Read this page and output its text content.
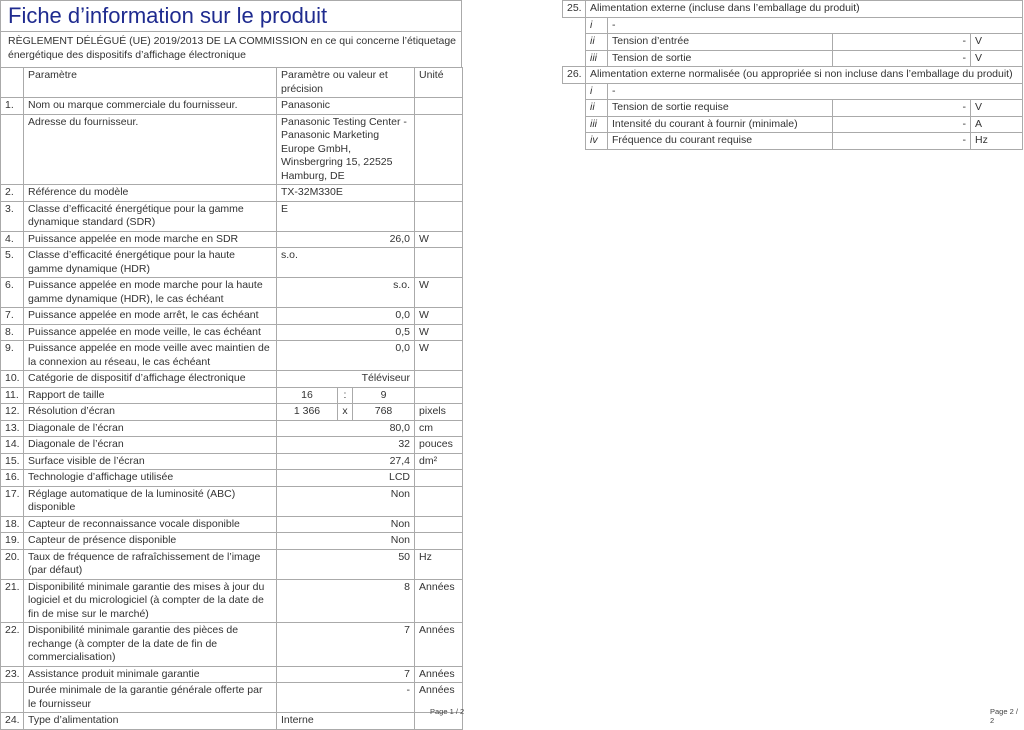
Fiche d’information sur le produit
RÈGLEMENT DÉLÉGUÉ (UE) 2019/2013 DE LA COMMISSION en ce qui concerne l’étiquetage énergétique des dispositifs d’affichage électronique
	Paramètre	Paramètre ou valeur et précision			Unité
1.	Nom ou marque commerciale du fournisseur.	Panasonic			
	Adresse du fournisseur.	Panasonic Testing Center - Panasonic Marketing Europe GmbH, Winsbergring 15, 22525 Hamburg, DE			
2.	Référence du modèle	TX-32M330E			
3.	Classe d’efficacité énergétique pour la gamme dynamique standard (SDR)	E			
4.	Puissance appelée en mode marche en SDR	26,0			W
5.	Classe d’efficacité énergétique pour la haute gamme dynamique (HDR)	s.o.			
6.	Puissance appelée en mode marche pour la haute gamme dynamique (HDR), le cas échéant	s.o.			W
7.	Puissance appelée en mode arrêt, le cas échéant	0,0			W
8.	Puissance appelée en mode veille, le cas échéant	0,5			W
9.	Puissance appelée en mode veille avec maintien de la connexion au réseau, le cas échéant	0,0			W
10.	Catégorie de dispositif d’affichage électronique	Téléviseur			
11.	Rapport de taille	16	:	9	
12.	Résolution d’écran	1 366	x	768	pixels
13.	Diagonale de l’écran	80,0			cm
14.	Diagonale de l’écran	32			pouces
15.	Surface visible de l’écran	27,4			dm²
16.	Technologie d’affichage utilisée	LCD			
17.	Réglage automatique de la luminosité (ABC) disponible	Non			
18.	Capteur de reconnaissance vocale disponible	Non			
19.	Capteur de présence disponible	Non			
20.	Taux de fréquence de rafraîchissement de l’image (par défaut)	50			Hz
21.	Disponibilité minimale garantie des mises à jour du logiciel et du micrologiciel (à compter de la date de fin de mise sur le marché)	8			Années
22.	Disponibilité minimale garantie des pièces de rechange (à compter de la date de fin de commercialisation)	7			Années
23.	Assistance produit minimale garantie	7			Années
	Durée minimale de la garantie générale offerte par le fournisseur	-			Années
24.	Type d’alimentation	Interne			
Page 1 / 2
25.	Alimentation externe (incluse dans l’emballage du produit)			
	i	-		
	ii	Tension d’entrée	-	V
	iii	Tension de sortie	-	V
26.	Alimentation externe normalisée (ou appropriée si non incluse dans l’emballage du produit)			
	i	-		
	ii	Tension de sortie requise	-	V
	iii	Intensité du courant à fournir (minimale)	-	A
	iv	Fréquence du courant requise	-	Hz
Page 2 / 2
